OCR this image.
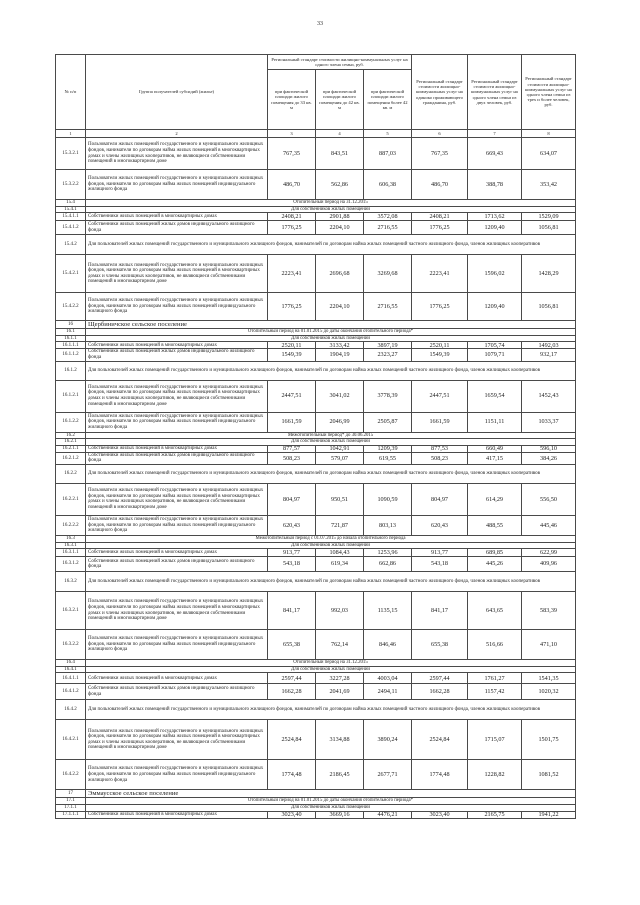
33
№ п/п	Группа получателей субсидий (жилье)	Региональный стандарт стоимости жилищно-коммунальных услуг на одного члена семьи, руб.			Региональный стандарт стоимости жилищно-коммунальных услуг на одиноко проживающего гражданина, руб.	Региональный стандарт стоимости жилищно-коммунальных услуг на одного члена семьи из двух человек, руб.	Региональный стандарт стоимости жилищно-коммунальных услуг на одного члена семьи из трех и более человек, руб.
		при фактической площади жилого помещения до 33 кв. м	при фактической площади жилого помещения до 42 кв. м	при фактической площади жилого помещения более 42 кв. м			
1	2	3	4	5	6	7	8
15.3.2.1	Пользователи жилых помещений государственного и муниципального жилищных фондов, наниматели по договорам найма жилых помещений в многоквартирных домах и члены жилищных кооперативов, не являющиеся собственниками помещений в многоквартирном доме	767,35	843,51	887,03	767,35	669,43	634,07
15.3.2.2	Пользователи жилых помещений государственного и муниципального жилищных фондов, наниматели по договорам найма жилых помещений индивидуального жилищного фонда	486,70	562,86	606,38	486,70	388,78	353,42
15.4	Отопительный период на 31.12.2015						
15.4.1	Для собственников жилых помещений						
15.4.1.1	Собственники жилых помещений в многоквартирных домах	2408,21	2901,88	3572,08	2408,21	1713,62	1529,09
15.4.1.2	Собственники жилых помещений жилых домов индивидуального жилищного фонда	1776,25	2204,10	2716,55	1776,25	1209,40	1056,81
15.4.2	Для пользователей жилых помещений государственного и муниципального жилищного фондов, нанимателей по договорам найма жилых помещений частного жилищного фонда, членов жилищных кооперативов						
15.4.2.1	Пользователи жилых помещений государственного и муниципального жилищных фондов, наниматели по договорам найма жилых помещений в многоквартирных домах и члены жилищных кооперативов, не являющиеся собственниками помещений в многоквартирном доме	2223,41	2696,68	3269,68	2223,41	1596,02	1428,29
15.4.2.2	Пользователи жилых помещений государственного и муниципального жилищных фондов, наниматели по договорам найма жилых помещений индивидуального жилищного фонда	1776,25	2204,10	2716,55	1776,25	1209,40	1056,81
16	Щербиничское сельское поселение						
16.1	Отопительный период на 01.01.2015 до даты окончания отопительного периода*						
16.1.1	Для собственников жилых помещений						
16.1.1.1	Собственники жилых помещений в многоквартирных домах	2520,11	3133,42	3897,19	2520,11	1705,74	1492,03
16.1.1.2	Собственники жилых помещений жилых домов индивидуального жилищного фонда	1549,39	1904,19	2323,27	1549,39	1079,71	932,17
16.1.2	Для пользователей жилых помещений государственного и муниципального жилищного фондов, нанимателей по договорам найма жилых помещений частного жилищного фонда, членов жилищных кооперативов						
16.1.2.1	Пользователи жилых помещений государственного и муниципального жилищных фондов, наниматели по договорам найма жилых помещений в многоквартирных домах и члены жилищных кооперативов, не являющиеся собственниками помещений в многоквартирном доме	2447,51	3041,02	3778,39	2447,51	1659,54	1452,43
16.1.2.2	Пользователи жилых помещений государственного и муниципального жилищных фондов, наниматели по договорам найма жилых помещений индивидуального жилищного фонда	1661,59	2046,99	2505,87	1661,59	1151,11	1033,37
16.2	Межотопительный период* до 30.06.2015						
16.2.1	Для собственников жилых помещений						
16.2.1.1	Собственники жилых помещений в многоквартирных домах	877,57	1042,91	1209,39	877,53	660,49	596,10
16.2.1.2	Собственники жилых помещений жилых домов индивидуального жилищного фонда	508,23	579,07	619,55	508,23	417,15	384,26
16.2.2	Для пользователей жилых помещений государственного и муниципального жилищного фондов, нанимателей по договорам найма жилых помещений частного жилищного фонда, членов жилищных кооперативов						
16.2.2.1	Пользователи жилых помещений государственного и муниципального жилищных фондов, наниматели по договорам найма жилых помещений в многоквартирных домах и члены жилищных кооперативов, не являющиеся собственниками помещений в многоквартирном доме	804,97	950,51	1090,59	804,97	614,29	556,50
16.2.2.2	Пользователи жилых помещений государственного и муниципального жилищных фондов, наниматели по договорам найма жилых помещений индивидуального жилищного фонда	620,43	721,87	803,13	620,43	488,55	445,46
16.3	Межотопительный период с 01.07.2015 до начала отопительного периода						
16.3.1	Для собственников жилых помещений						
16.3.1.1	Собственники жилых помещений в многоквартирных домах	913,77	1084,43	1253,96	913,77	689,85	622,99
16.3.1.2	Собственники жилых помещений жилых домов индивидуального жилищного фонда	543,18	619,34	662,86	543,18	445,26	409,96
16.3.2	Для пользователей жилых помещений государственного и муниципального жилищного фондов, нанимателей по договорам найма жилых помещений частного жилищного фонда, членов жилищных кооперативов						
16.3.2.1	Пользователи жилых помещений государственного и муниципального жилищных фондов, наниматели по договорам найма жилых помещений в многоквартирных домах и члены жилищных кооперативов, не являющиеся собственниками помещений в многоквартирном доме	841,17	992,03	1135,15	841,17	643,65	583,39
16.3.2.2	Пользователи жилых помещений государственного и муниципального жилищных фондов, наниматели по договорам найма жилых помещений индивидуального жилищного фонда	655,38	762,14	846,46	655,38	516,66	471,10
16.4	Отопительный период на 31.12.2015						
16.4.1	Для собственников жилых помещений						
16.4.1.1	Собственники жилых помещений в многоквартирных домах	2597,44	3227,28	4003,04	2597,44	1761,27	1541,35
16.4.1.2	Собственники жилых помещений жилых домов индивидуального жилищного фонда	1662,28	2041,69	2494,11	1662,28	1157,42	1020,32
16.4.2	Для пользователей жилых помещений государственного и муниципального жилищного фондов, нанимателей по договорам найма жилых помещений частного жилищного фонда, членов жилищных кооперативов						
16.4.2.1	Пользователи жилых помещений государственного и муниципального жилищных фондов, наниматели по договорам найма жилых помещений в многоквартирных домах и члены жилищных кооперативов, не являющиеся собственниками помещений в многоквартирном доме	2524,84	3134,88	3890,24	2524,84	1715,07	1501,75
16.4.2.2	Пользователи жилых помещений государственного и муниципального жилищных фондов, наниматели по договорам найма жилых помещений индивидуального жилищного фонда	1774,48	2186,45	2677,71	1774,48	1228,82	1081,52
17	Эммаусское сельское поселение						
17.1	Отопительный период на 01.01.2015 до даты окончания отопительного периода*						
17.1.1	Для собственников жилых помещений						
17.1.1.1	Собственники жилых помещений в многоквартирных домах	3023,40	3669,16	4476,21	3023,40	2165,75	1941,22
